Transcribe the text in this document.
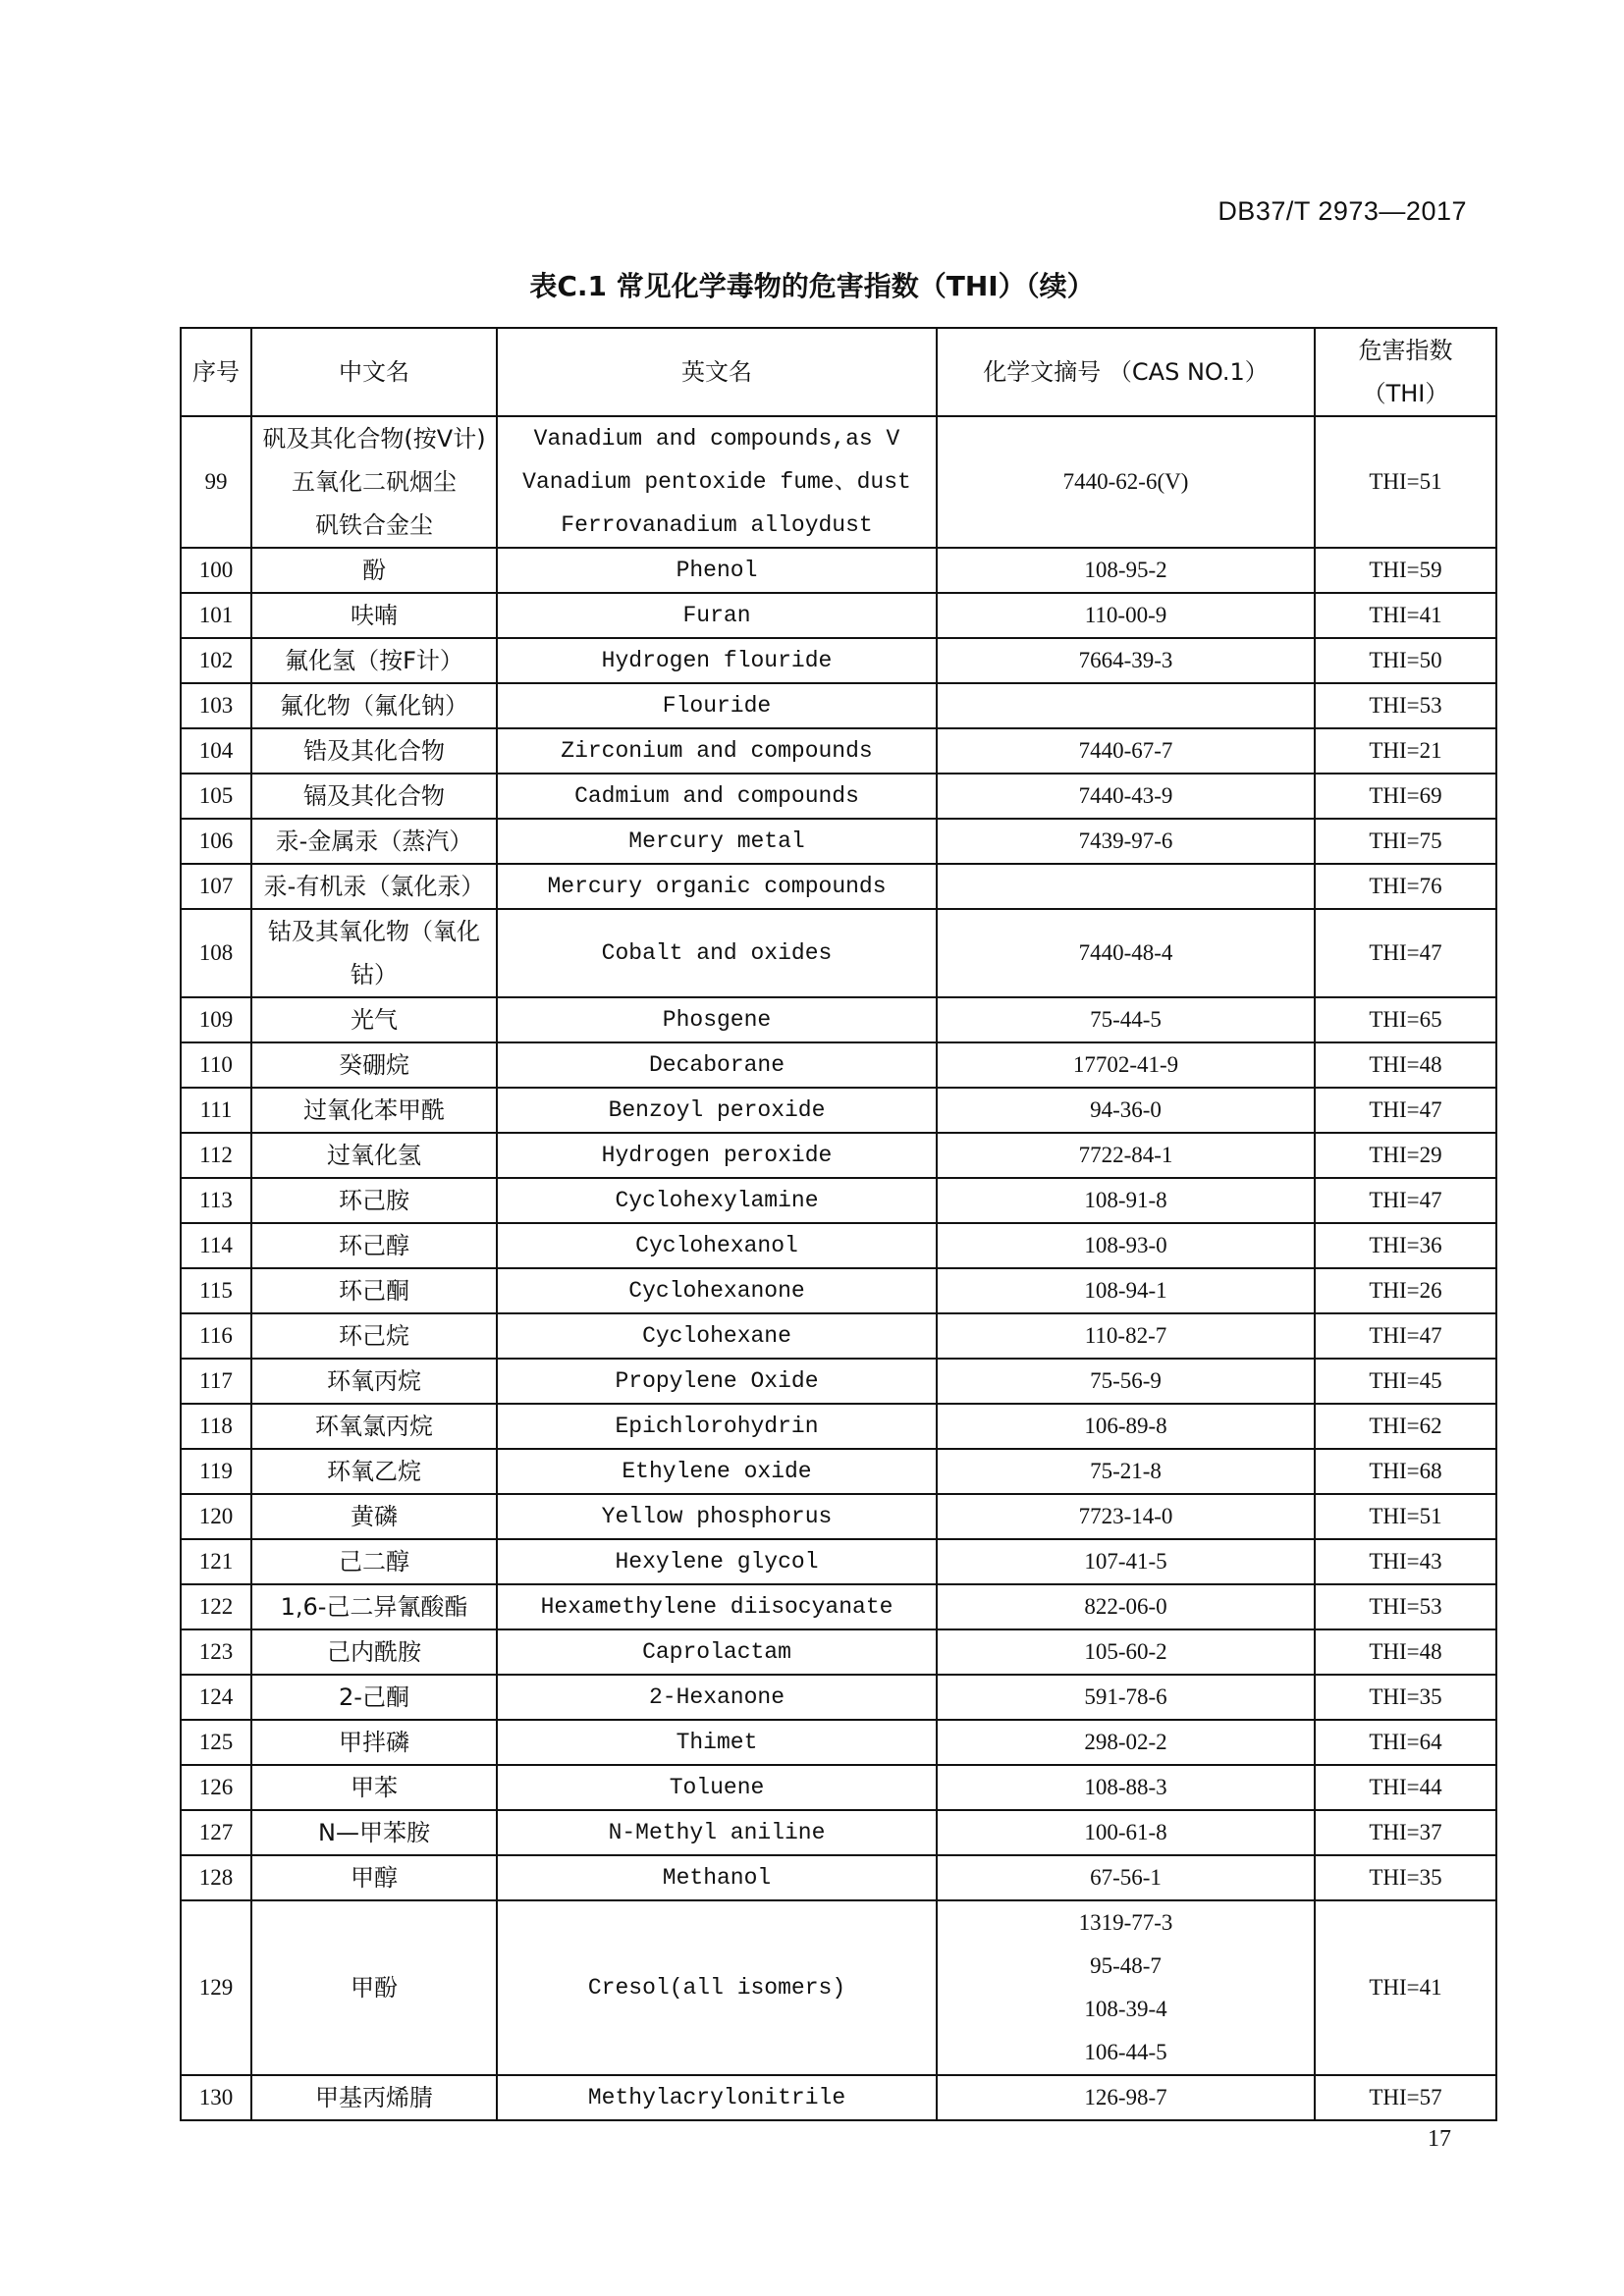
DB37/T 2973—2017
表C.1 常见化学毒物的危害指数（THI）（续）
序号	中文名	英文名	化学文摘号 （CAS NO.1）	危害指数 （THI）
99	矾及其化合物(按V计)
五氧化二矾烟尘
矾铁合金尘	Vanadium and compounds,as V
Vanadium pentoxide fume、dust
Ferrovanadium alloydust	7440-62-6(V)	THI=51
100	酚	Phenol	108-95-2	THI=59
101	呋喃	Furan	110-00-9	THI=41
102	氟化氢（按F计）	Hydrogen flouride	7664-39-3	THI=50
103	氟化物（氟化钠）	Flouride		THI=53
104	锆及其化合物	Zirconium and compounds	7440-67-7	THI=21
105	镉及其化合物	Cadmium and compounds	7440-43-9	THI=69
106	汞-金属汞（蒸汽）	Mercury metal	7439-97-6	THI=75
107	汞-有机汞（氯化汞）	Mercury organic compounds		THI=76
108	钴及其氧化物（氧化
钴）	Cobalt and oxides	7440-48-4	THI=47
109	光气	Phosgene	75-44-5	THI=65
110	癸硼烷	Decaborane	17702-41-9	THI=48
111	过氧化苯甲酰	Benzoyl peroxide	94-36-0	THI=47
112	过氧化氢	Hydrogen peroxide	7722-84-1	THI=29
113	环己胺	Cyclohexylamine	108-91-8	THI=47
114	环己醇	Cyclohexanol	108-93-0	THI=36
115	环己酮	Cyclohexanone	108-94-1	THI=26
116	环己烷	Cyclohexane	110-82-7	THI=47
117	环氧丙烷	Propylene Oxide	75-56-9	THI=45
118	环氧氯丙烷	Epichlorohydrin	106-89-8	THI=62
119	环氧乙烷	Ethylene oxide	75-21-8	THI=68
120	黄磷	Yellow phosphorus	7723-14-0	THI=51
121	己二醇	Hexylene glycol	107-41-5	THI=43
122	1,6-己二异氰酸酯	Hexamethylene diisocyanate	822-06-0	THI=53
123	己内酰胺	Caprolactam	105-60-2	THI=48
124	2-己酮	2-Hexanone	591-78-6	THI=35
125	甲拌磷	Thimet	298-02-2	THI=64
126	甲苯	Toluene	108-88-3	THI=44
127	N—甲苯胺	N-Methyl aniline	100-61-8	THI=37
128	甲醇	Methanol	67-56-1	THI=35
129	甲酚	Cresol(all isomers)	1319-77-3
95-48-7
108-39-4
106-44-5	THI=41
130	甲基丙烯腈	Methylacrylonitrile	126-98-7	THI=57
17
